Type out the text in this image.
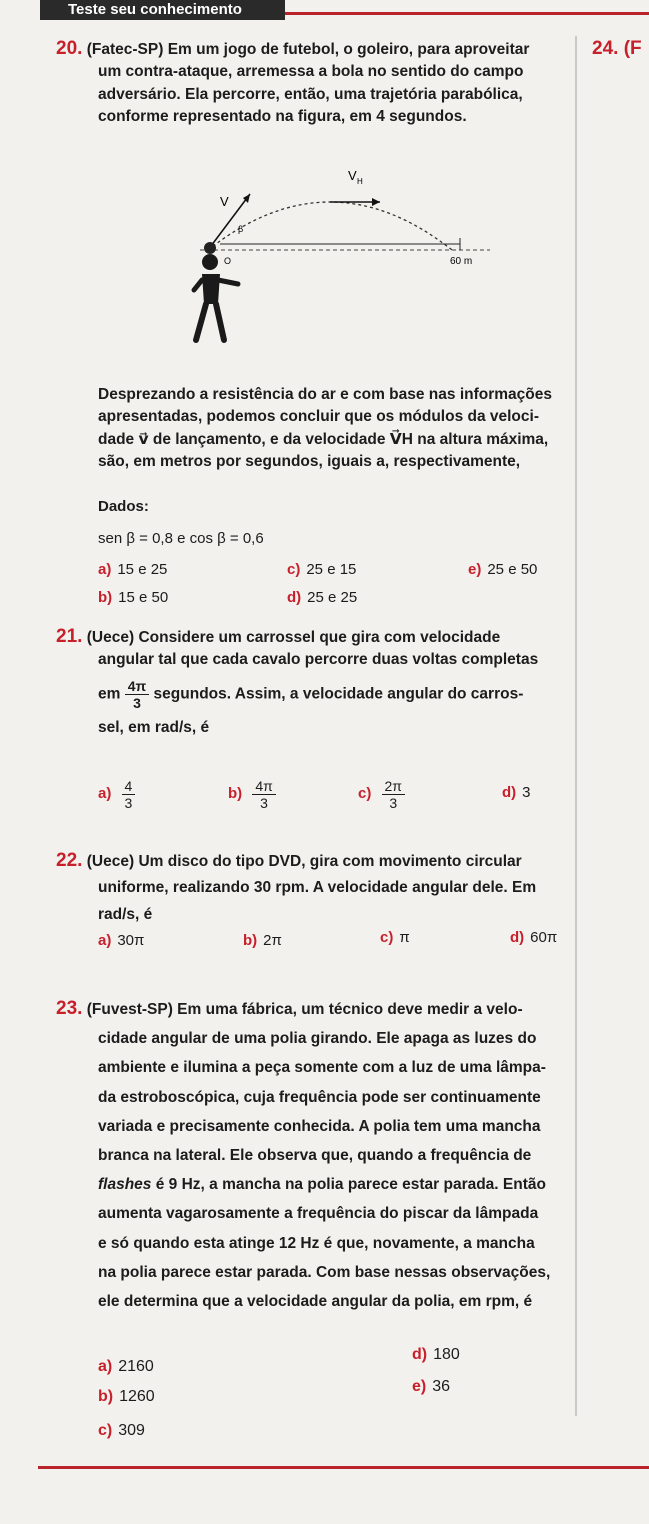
Teste seu conhecimento
24. (F
20. (Fatec-SP) Em um jogo de futebol, o goleiro, para aproveitar
um contra-ataque, arremessa a bola no sentido do campo
adversário. Ela percorre, então, uma trajetória parabólica,
conforme representado na figura, em 4 segundos.
V H
V
β
O	60 m
Desprezando a resistência do ar e com base nas informações
apresentadas, podemos concluir que os módulos da veloci-
dade v⃗ de lançamento, e da velocidade V⃗H na altura máxima,
são, em metros por segundos, iguais a, respectivamente,
Dados:
sen β = 0,8 e cos β = 0,6
a) 15 e 25
b) 15 e 50
c) 25 e 15
d) 25 e 25
e) 25 e 50
21. (Uece) Considere um carrossel que gira com velocidade
angular tal que cada cavalo percorre duas voltas completas
em $\frac{4\pi}{3}$ segundos. Assim, a velocidade angular do carros-
sel, em rad/s, é
$a) \frac{4}{3}$	$b) \frac{4\pi}{3}$	$c) \frac{2\pi}{3}$	d) 3
22. (Uece) Um disco do tipo DVD, gira com movimento circular
uniforme, realizando 30 rpm. A velocidade angular dele. Em
rad/s, é
a) 30π	b) 2π	c) π	d) 60π
23. (Fuvest-SP) Em uma fábrica, um técnico deve medir a velo-
cidade angular de uma polia girando. Ele apaga as luzes do
ambiente e ilumina a peça somente com a luz de uma lâmpa-
da estroboscópica, cuja frequência pode ser continuamente
variada e precisamente conhecida. A polia tem uma mancha
branca na lateral. Ele observa que, quando a frequência de
flashes é 9 Hz, a mancha na polia parece estar parada. Então
aumenta vagarosamente a frequência do piscar da lâmpada
e só quando esta atinge 12 Hz é que, novamente, a mancha
na polia parece estar parada. Com base nessas observações,
ele determina que a velocidade angular da polia, em rpm, é
a) 2160
b) 1260
c) 309
d) 180
e) 36
